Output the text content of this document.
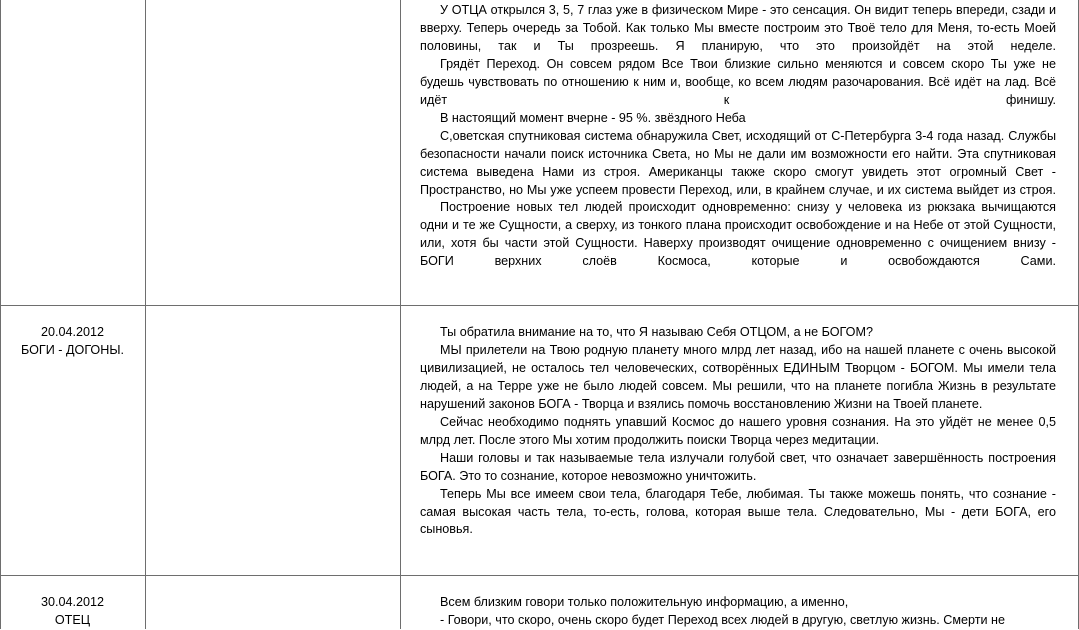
У ОТЦА открылся 3, 5, 7 глаз уже в физическом Мире - это сенсация. Он видит теперь впереди, сзади и вверху. Теперь очередь за Тобой. Как только Мы вместе построим это Твоё тело для Меня, то-есть Моей половины, так и Ты прозреешь. Я планирую, что это произойдёт на этой неделе.
Грядёт Переход. Он совсем рядом Все Твои близкие сильно меняются и совсем скоро Ты уже не будешь чувствовать по отношению к ним и, вообще, ко всем людям разочарования. Всё идёт на лад. Всё идёт к финишу.
В настоящий момент вчерне - 95 %. звёздного Неба
С,оветская спутниковая система обнаружила Свет, исходящий от С-Петербурга 3-4 года назад. Службы безопасности начали поиск источника Света, но Мы не дали им возможности его найти. Эта спутниковая система выведена Нами из строя. Американцы также скоро смогут увидеть этот огромный Свет - Пространство, но Мы уже успеем провести Переход, или, в крайнем случае, и их система выйдет из строя.
Построение новых тел людей происходит одновременно: снизу у человека из рюкзака вычищаются одни и те же Сущности, а сверху, из тонкого плана происходит освобождение и на Небе от этой Сущности, или, хотя бы части этой Сущности. Наверху производят очищение одновременно с очищением внизу - БОГИ верхних слоёв Космоса, которые и освобождаются Сами.
20.04.2012
БОГИ - ДОГОНЫ.
Ты обратила внимание на то, что Я называю Себя ОТЦОМ, а не БОГОМ?
МЫ прилетели на Твою родную планету много млрд лет назад, ибо на нашей планете с очень высокой цивилизацией, не осталось тел человеческих, сотворённых ЕДИНЫМ Творцом - БОГОМ. Мы имели тела людей, а на Терре уже не было людей совсем. Мы решили, что на планете погибла Жизнь в результате нарушений законов БОГА - Творца и взялись помочь восстановлению Жизни на Твоей планете.
Сейчас необходимо поднять упавший Космос до нашего уровня сознания. На это уйдёт не менее 0,5 млрд лет. После этого Мы хотим продолжить поиски Творца через медитации.
Наши головы и так называемые тела излучали голубой свет, что означает завершённость построения БОГА. Это то сознание, которое невозможно уничтожить.
Теперь Мы все имеем свои тела, благодаря Тебе, любимая. Ты также можешь понять, что сознание - самая высокая часть тела, то-есть, голова, которая выше тела. Следовательно, Мы - дети БОГА, его сыновья.
30.04.2012
ОТЕЦ
Всем близким говори только положительную информацию, а именно,
- Говори, что скоро, очень скоро будет Переход всех людей в другую, светлую жизнь. Смерти не
